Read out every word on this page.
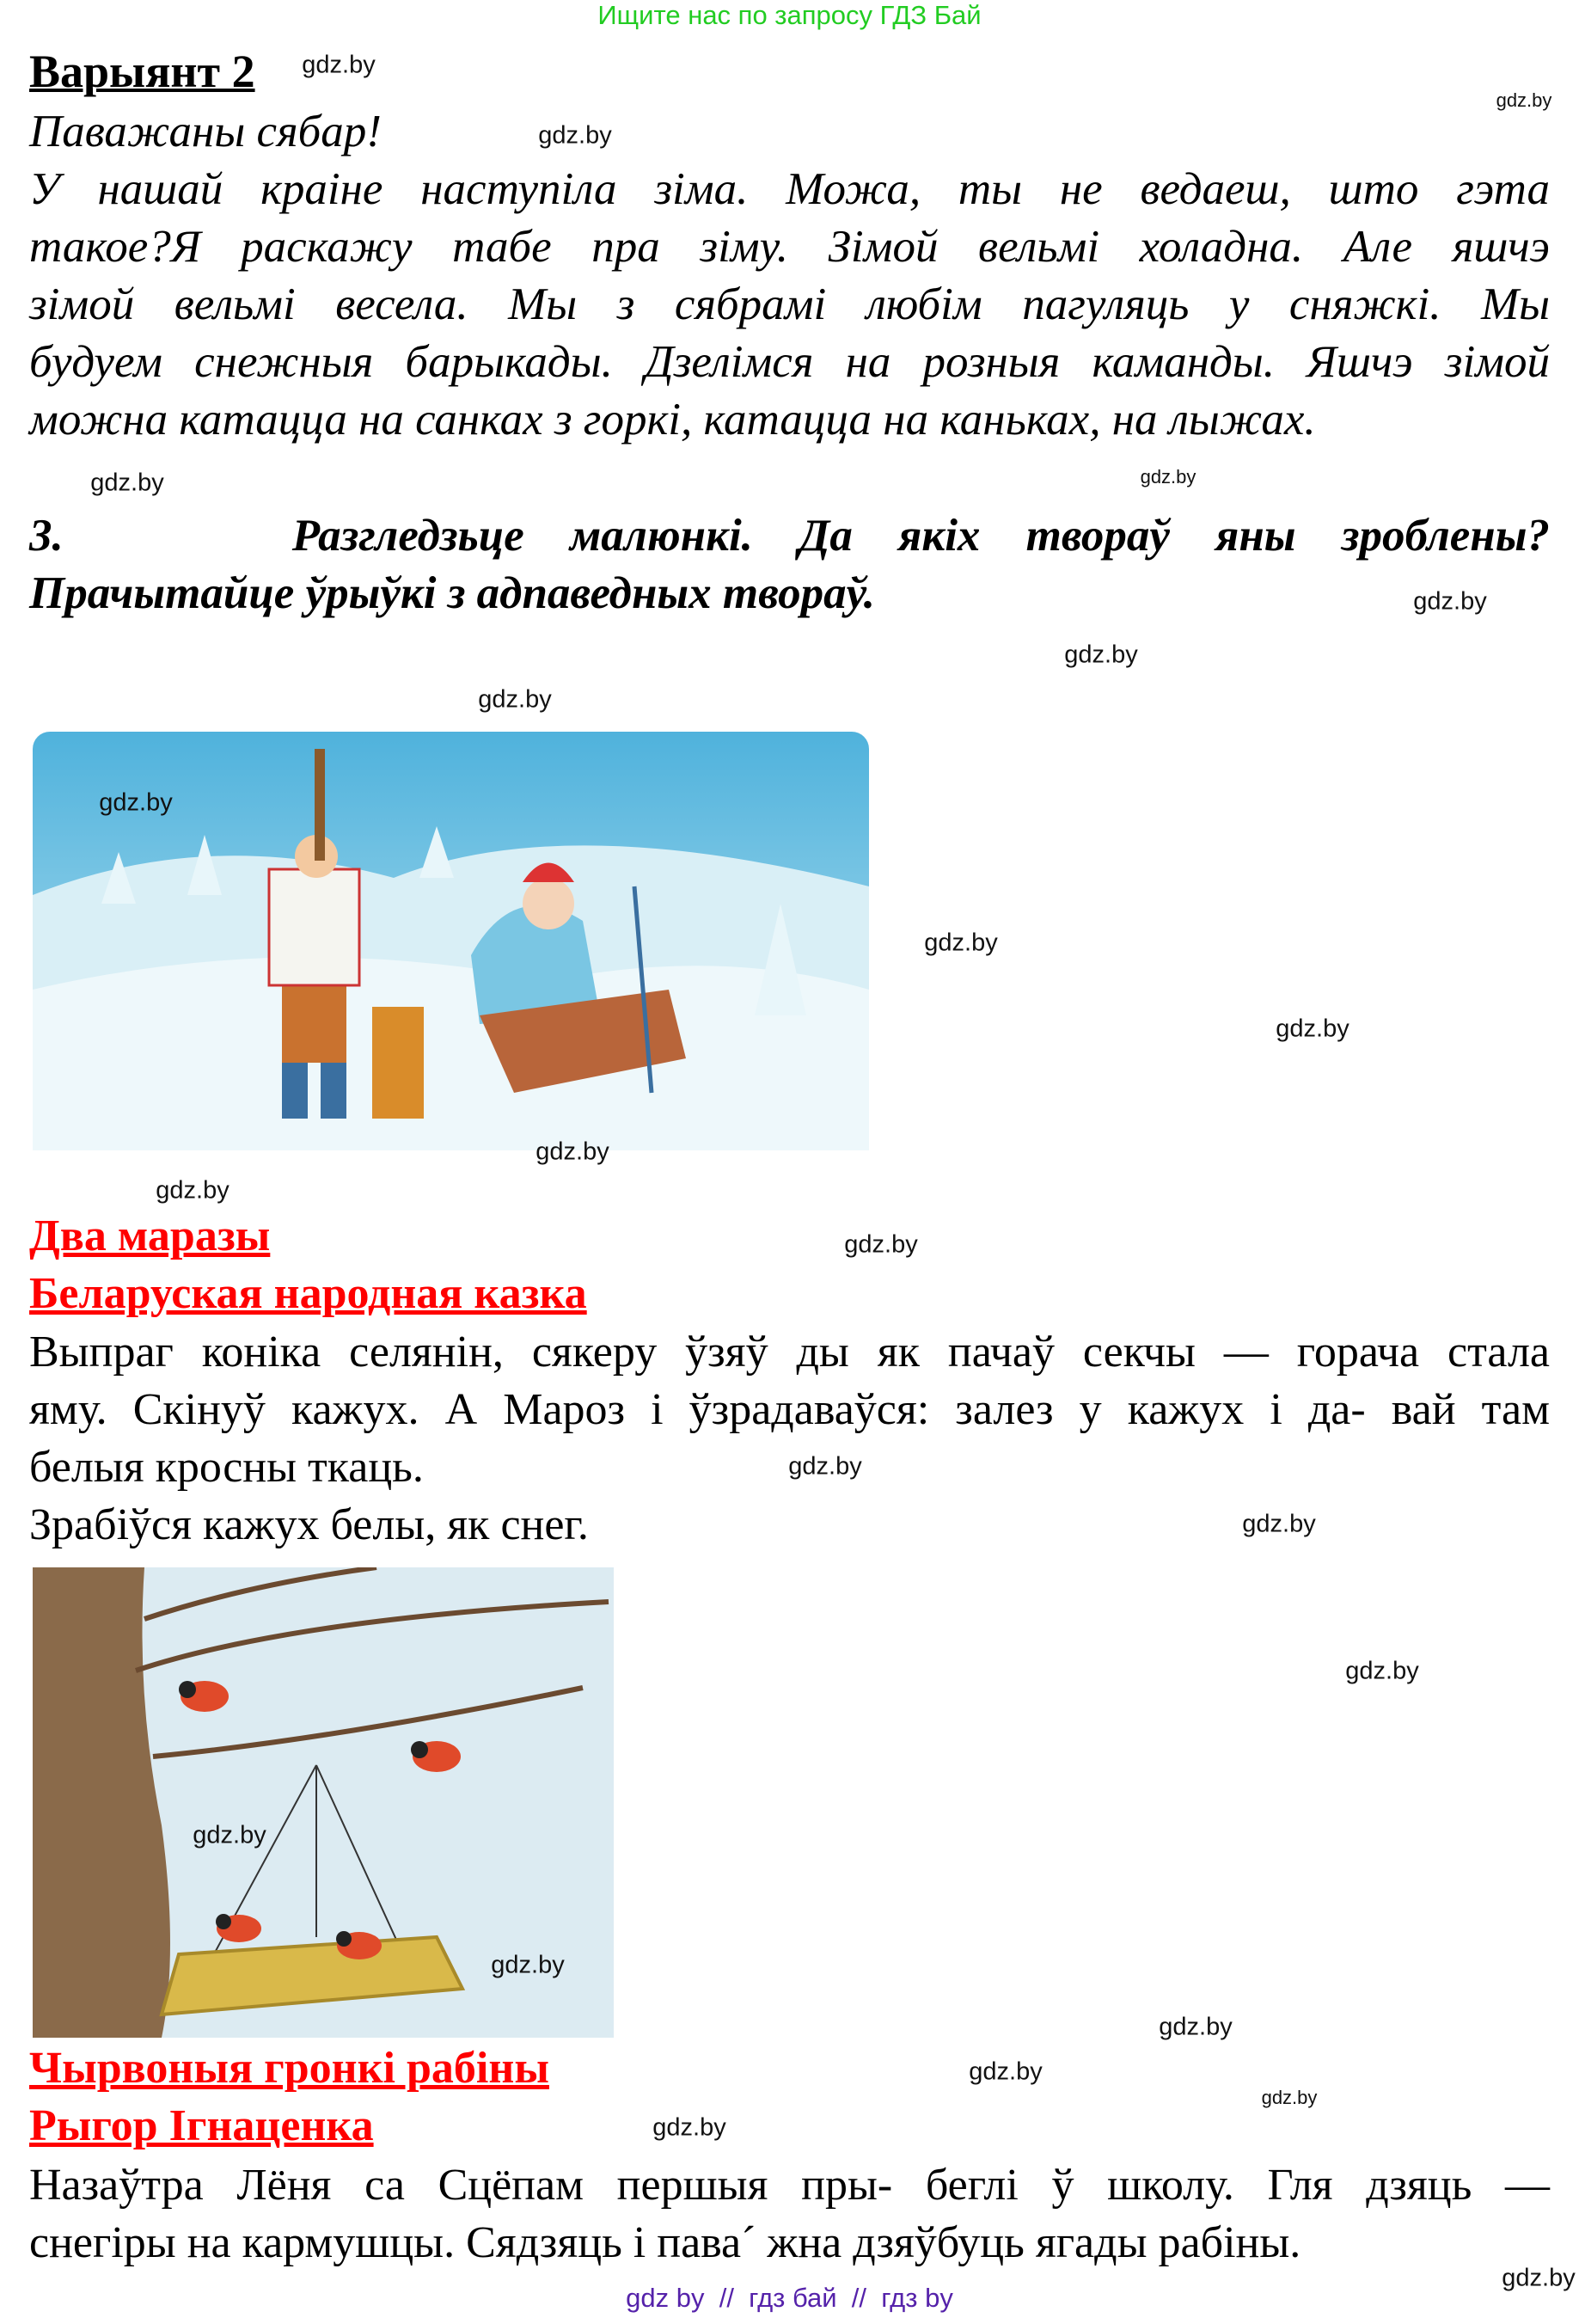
Ищите нас по запросу ГДЗ Бай
Варыянт 2
Паважаны сябар!
У нашай краіне наступіла зіма. Можа, ты не ведаеш, што гэта
такое?Я раскажу табе пра зіму. Зімой вельмі холадна. Але яшчэ
зімой вельмі весела. Мы з сябрамі любім пагуляць у сняжкі. Мы
будуем снежныя барыкады. Дзелімся на розныя каманды. Яшчэ зімой
можна катацца на санках з горкі, катацца на каньках, на лыжах.
3.     Разгледзьце малюнкі. Да якіх твораў яны зроблены?
Прачытайце ўрыўкі з адпаведных твораў.
Два маразы
Беларуская народная казка
Выпраг коніка селянін, сякеру ўзяў ды як пачаў секчы — горача стала
яму. Скінуў кажух. А Мароз і ўзрадаваўся: залез у кажух і да- вай там
белыя кросны ткаць.
Зрабіўся кажух белы, як снег.
Чырвоныя гронкі рабіны
Рыгор Ігнаценка
Назаўтра Лёня са Сцёпам першыя пры- беглі ў школу. Гля дзяць —
снегіры на кармушцы. Сядзяць і пава´ жна дзяўбуць ягады рабіны.
gdz by  //  гдз бай  //  гдз by
gdz.by
gdz.by
gdz.by
gdz.by
gdz.by
gdz.by
gdz.by
gdz.by
gdz.by
gdz.by
gdz.by
gdz.by
gdz.by
gdz.by
gdz.by
gdz.by
gdz.by
gdz.by
gdz.by
gdz.by
gdz.by
gdz.by
gdz.by
gdz.by
